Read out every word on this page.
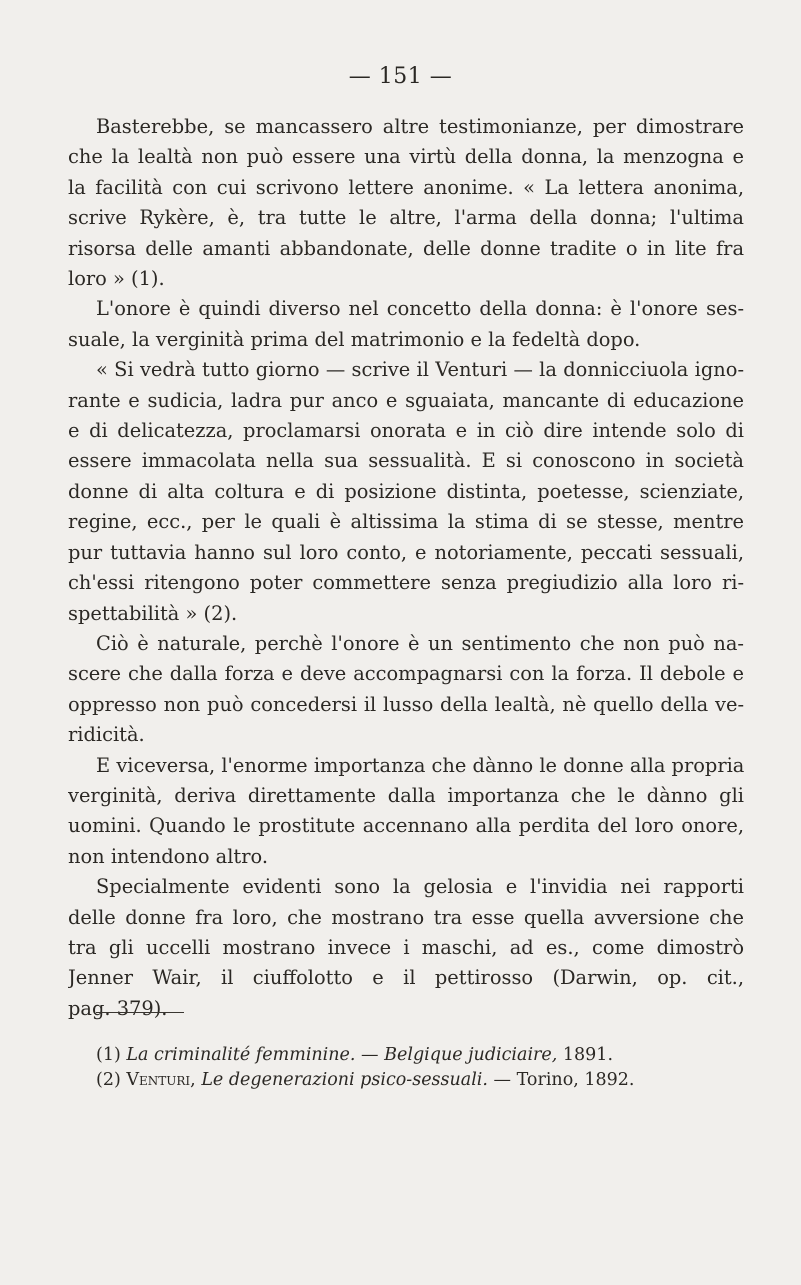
— 151 —

Basterebbe, se mancassero altre testimonianze, per dimostrare
che la lealtà non può essere una virtù della donna, la menzogna e
la facilità con cui scrivono lettere anonime. « La lettera anonima,
scrive Rykère, è, tra tutte le altre, l'arma della donna; l'ultima
risorsa delle amanti abbandonate, delle donne tradite o in lite fra
loro » (1).

L'onore è quindi diverso nel concetto della donna: è l'onore ses-
suale, la verginità prima del matrimonio e la fedeltà dopo.

« Si vedrà tutto giorno — scrive il Venturi — la donnicciuola igno-
rante e sudicia, ladra pur anco e sguaiata, mancante di educazione
e di delicatezza, proclamarsi onorata e in ciò dire intende solo di
essere immacolata nella sua sessualità. E si conoscono in società
donne di alta coltura e di posizione distinta, poetesse, scienziate,
regine, ecc., per le quali è altissima la stima di se stesse, mentre
pur tuttavia hanno sul loro conto, e notoriamente, peccati sessuali,
ch'essi ritengono poter commettere senza pregiudizio alla loro ri-
spettabilità » (2).

Ciò è naturale, perchè l'onore è un sentimento che non può na-
scere che dalla forza e deve accompagnarsi con la forza. Il debole e
oppresso non può concedersi il lusso della lealtà, nè quello della ve-
ridicità.

E viceversa, l'enorme importanza che dànno le donne alla propria
verginità, deriva direttamente dalla importanza che le dànno gli
uomini. Quando le prostitute accennano alla perdita del loro onore,
non intendono altro.

Specialmente evidenti sono la gelosia e l'invidia nei rapporti
delle donne fra loro, che mostrano tra esse quella avversione che
tra gli uccelli mostrano invece i maschi, ad es., come dimostrò
Jenner Wair, il ciuffolotto e il pettirosso (Darwin, op. cit.,
pag. 379).

(1) La criminalité femminine. — Belgique judiciaire, 1891.
(2) Venturi, Le degenerazioni psico-sessuali. — Torino, 1892.
